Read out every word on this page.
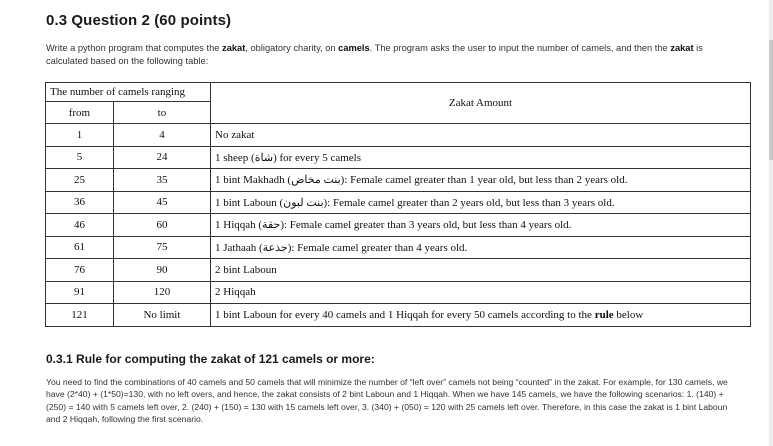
0.3 Question 2 (60 points)

Write a python program that computes the zakat, obligatory charity, on camels. The program asks the user to input the number of camels, and then the zakat is calculated based on the following table:

The number of camels ranging		Zakat Amount
from	to	
1	4	No zakat
5	24	1 sheep (شاة) for every 5 camels
25	35	1 bint Makhadh (بنت مخاض): Female camel greater than 1 year old, but less than 2 years old.
36	45	1 bint Laboun (بنت لبون): Female camel greater than 2 years old, but less than 3 years old.
46	60	1 Hiqqah (حقة): Female camel greater than 3 years old, but less than 4 years old.
61	75	1 Jathaah (جذعة): Female camel greater than 4 years old.
76	90	2 bint Laboun
91	120	2 Hiqqah
121	No limit	1 bint Laboun for every 40 camels and 1 Hiqqah for every 50 camels according to the rule below
0.3.1 Rule for computing the zakat of 121 camels or more:

You need to find the combinations of 40 camels and 50 camels that will minimize the number of “left over” camels not being “counted” in the zakat. For example, for 130 camels, we have (2*40) + (1*50)=130, with no left overs, and hence, the zakat consists of 2 bint Laboun and 1 Hiqqah. When we have 145 camels, we have the following scenarios: 1. (140) + (250) = 140 with 5 camels left over, 2. (240) + (150) = 130 with 15 camels left over, 3. (340) + (050) = 120 with 25 camels left over. Therefore, in this case the zakat is 1 bint Laboun and 2 Hiqqah, following the first scenario.
